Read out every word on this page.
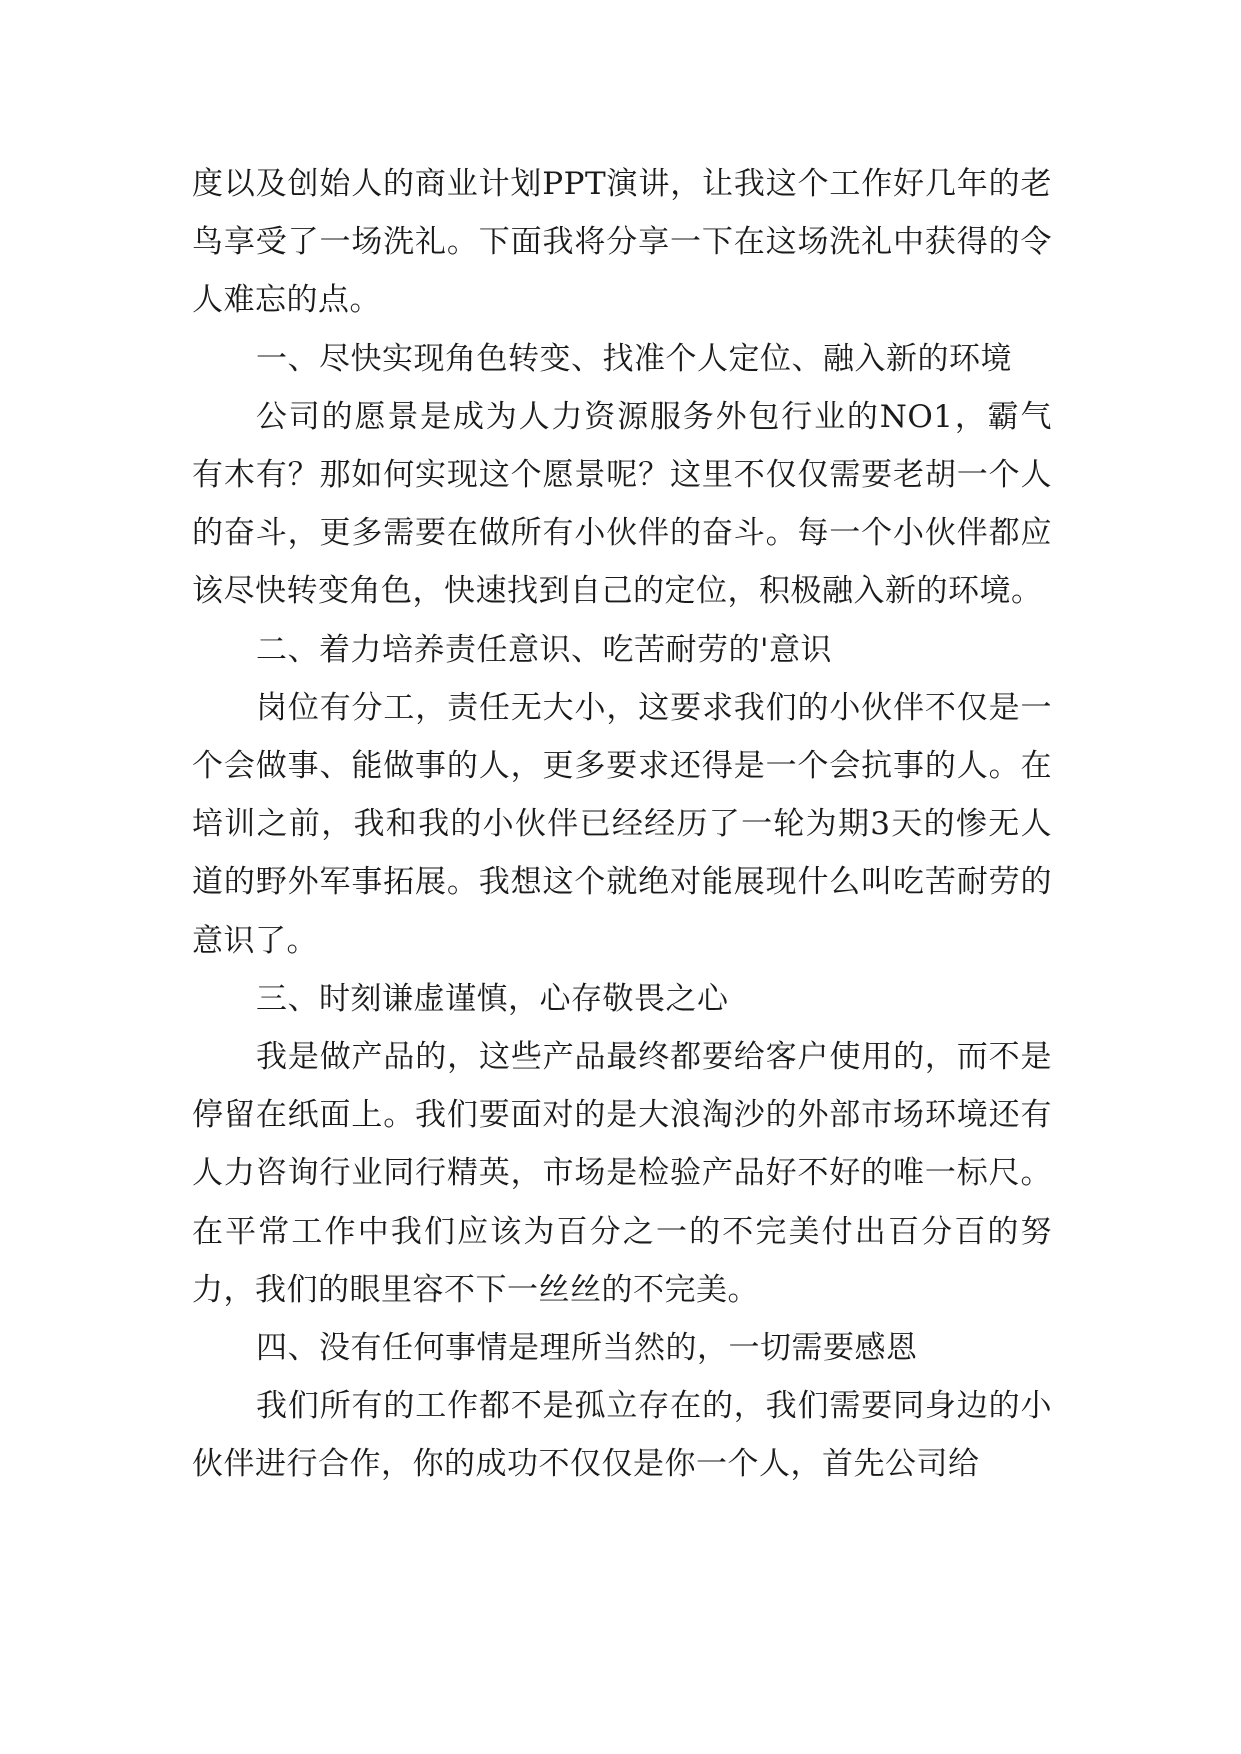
度以及创始人的商业计划PPT演讲，让我这个工作好几年的老鸟享受了一场洗礼。下面我将分享一下在这场洗礼中获得的令人难忘的点。

一、尽快实现角色转变、找准个人定位、融入新的环境

公司的愿景是成为人力资源服务外包行业的NO1，霸气有木有？那如何实现这个愿景呢？这里不仅仅需要老胡一个人的奋斗，更多需要在做所有小伙伴的奋斗。每一个小伙伴都应该尽快转变角色，快速找到自己的定位，积极融入新的环境。

二、着力培养责任意识、吃苦耐劳的'意识

岗位有分工，责任无大小，这要求我们的小伙伴不仅是一个会做事、能做事的人，更多要求还得是一个会抗事的人。在培训之前，我和我的小伙伴已经经历了一轮为期3天的惨无人道的野外军事拓展。我想这个就绝对能展现什么叫吃苦耐劳的意识了。

三、时刻谦虚谨慎，心存敬畏之心

我是做产品的，这些产品最终都要给客户使用的，而不是停留在纸面上。我们要面对的是大浪淘沙的外部市场环境还有人力咨询行业同行精英，市场是检验产品好不好的唯一标尺。在平常工作中我们应该为百分之一的不完美付出百分百的努力，我们的眼里容不下一丝丝的不完美。

四、没有任何事情是理所当然的，一切需要感恩

我们所有的工作都不是孤立存在的，我们需要同身边的小伙伴进行合作，你的成功不仅仅是你一个人，首先公司给
